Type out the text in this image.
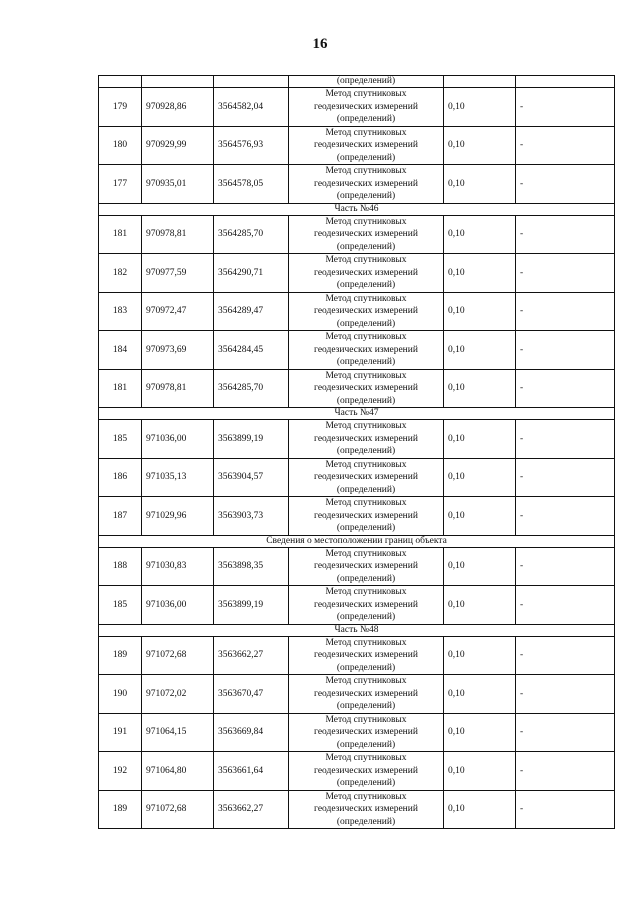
16
			(определений)		
179	970928,86	3564582,04	Метод спутниковых
геодезических измерений
(определений)	0,10	-
180	970929,99	3564576,93	Метод спутниковых
геодезических измерений
(определений)	0,10	-
177	970935,01	3564578,05	Метод спутниковых
геодезических измерений
(определений)	0,10	-
Часть №46					
181	970978,81	3564285,70	Метод спутниковых
геодезических измерений
(определений)	0,10	-
182	970977,59	3564290,71	Метод спутниковых
геодезических измерений
(определений)	0,10	-
183	970972,47	3564289,47	Метод спутниковых
геодезических измерений
(определений)	0,10	-
184	970973,69	3564284,45	Метод спутниковых
геодезических измерений
(определений)	0,10	-
181	970978,81	3564285,70	Метод спутниковых
геодезических измерений
(определений)	0,10	-
Часть №47					
185	971036,00	3563899,19	Метод спутниковых
геодезических измерений
(определений)	0,10	-
186	971035,13	3563904,57	Метод спутниковых
геодезических измерений
(определений)	0,10	-
187	971029,96	3563903,73	Метод спутниковых
геодезических измерений
(определений)	0,10	-
Сведения о местоположении границ объекта					
188	971030,83	3563898,35	Метод спутниковых
геодезических измерений
(определений)	0,10	-
185	971036,00	3563899,19	Метод спутниковых
геодезических измерений
(определений)	0,10	-
Часть №48					
189	971072,68	3563662,27	Метод спутниковых
геодезических измерений
(определений)	0,10	-
190	971072,02	3563670,47	Метод спутниковых
геодезических измерений
(определений)	0,10	-
191	971064,15	3563669,84	Метод спутниковых
геодезических измерений
(определений)	0,10	-
192	971064,80	3563661,64	Метод спутниковых
геодезических измерений
(определений)	0,10	-
189	971072,68	3563662,27	Метод спутниковых
геодезических измерений
(определений)	0,10	-
